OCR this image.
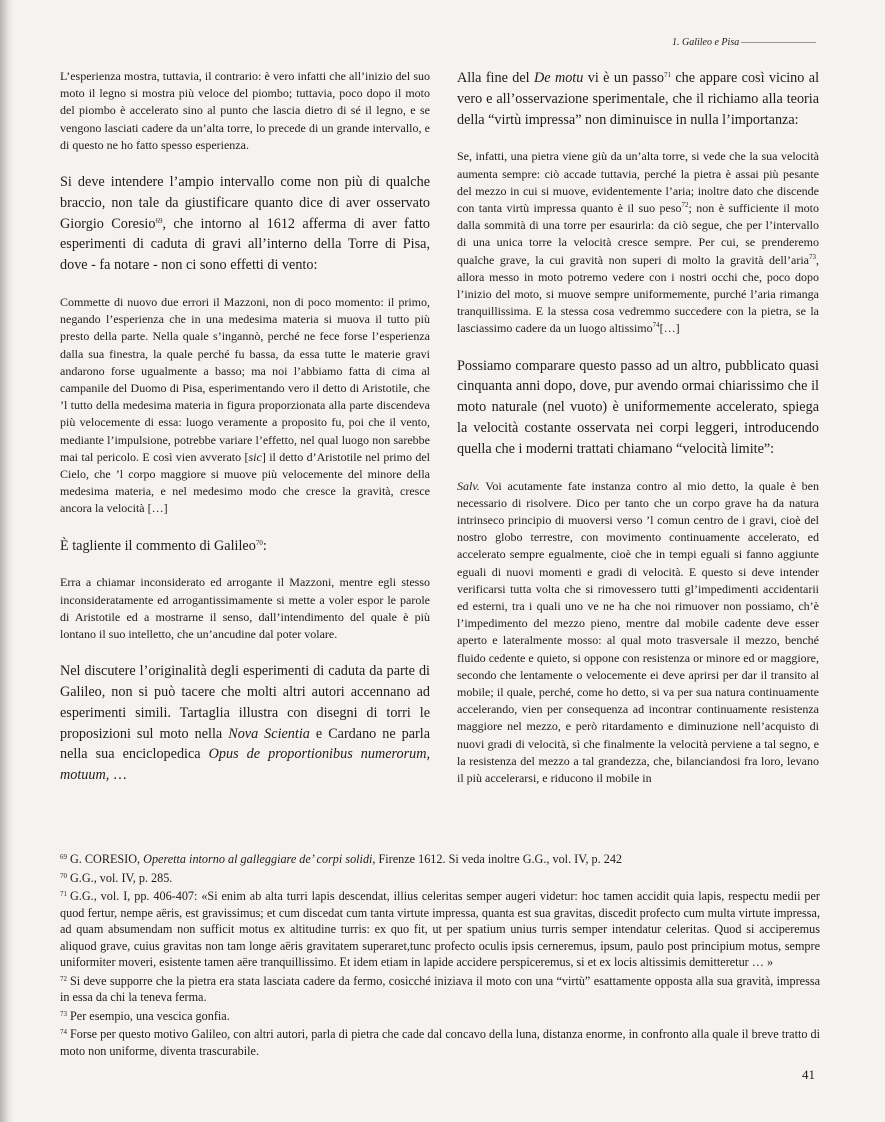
1. Galileo e Pisa

L’esperienza mostra, tuttavia, il contrario: è vero infatti che all’inizio del suo moto il legno si mostra più veloce del piombo; tuttavia, poco dopo il moto del piombo è accelerato sino al punto che lascia dietro di sé il legno, e se vengono lasciati cadere da un’alta torre, lo precede di un grande intervallo, e di questo ne ho fatto spesso esperienza.

Si deve intendere l’ampio intervallo come non più di qualche braccio, non tale da giustificare quanto dice di aver osservato Giorgio Coresio$^{69}$, che intorno al 1612 afferma di aver fatto esperimenti di caduta di gravi all’interno della Torre di Pisa, dove - fa notare - non ci sono effetti di vento:

Commette di nuovo due errori il Mazzoni, non di poco momento: il primo, negando l’esperienza che in una medesima materia si muova il tutto più presto della parte. Nella quale s’ingannò, perché ne fece forse l’esperienza dalla sua finestra, la quale perché fu bassa, da essa tutte le materie gravi andarono forse ugualmente a basso; ma noi l’abbiamo fatta di cima al campanile del Duomo di Pisa, esperimentando vero il detto di Aristotile, che ’l tutto della medesima materia in figura proporzionata alla parte discendeva più velocemente di essa: luogo veramente a proposito fu, poi che il vento, mediante l’impulsione, potrebbe variare l’effetto, nel qual luogo non sarebbe mai tal pericolo. E così vien avverato [sic] il detto d’Aristotile nel primo del Cielo, che ’l corpo maggiore si muove più velocemente del minore della medesima materia, e nel medesimo modo che cresce la gravità, cresce ancora la velocità […]

È tagliente il commento di Galileo$^{70}$:

Erra a chiamar inconsiderato ed arrogante il Mazzoni, mentre egli stesso inconsideratamente ed arrogantissimamente si mette a voler espor le parole di Aristotile ed a mostrarne il senso, dall’intendimento del quale è più lontano il suo intelletto, che un’ancudine dal poter volare.

Nel discutere l’originalità degli esperimenti di caduta da parte di Galileo, non si può tacere che molti altri autori accennano ad esperimenti simili. Tartaglia illustra con disegni di torri le proposizioni sul moto nella Nova Scientia e Cardano ne parla nella sua enciclopedica Opus de proportionibus numerorum, motuum, …

Alla fine del De motu vi è un passo$^{71}$ che appare così vicino al vero e all’osservazione sperimentale, che il richiamo alla teoria della “virtù impressa” non diminuisce in nulla l’importanza:

Se, infatti, una pietra viene giù da un’alta torre, si vede che la sua velocità aumenta sempre: ciò accade tuttavia, perché la pietra è assai più pesante del mezzo in cui si muove, evidentemente l’aria; inoltre dato che discende con tanta virtù impressa quanto è il suo peso$^{72}$; non è sufficiente il moto dalla sommità di una torre per esaurirla: da ciò segue, che per l’intervallo di una unica torre la velocità cresce sempre. Per cui, se prenderemo qualche grave, la cui gravità non superi di molto la gravità dell’aria$^{73}$, allora messo in moto potremo vedere con i nostri occhi che, poco dopo l’inizio del moto, si muove sempre uniformemente, purché l’aria rimanga tranquillissima. E la stessa cosa vedremmo succedere con la pietra, se la lasciassimo cadere da un luogo altissimo$^{74}$[…]

Possiamo comparare questo passo ad un altro, pubblicato quasi cinquanta anni dopo, dove, pur avendo ormai chiarissimo che il moto naturale (nel vuoto) è uniformemente accelerato, spiega la velocità costante osservata nei corpi leggeri, introducendo quella che i moderni trattati chiamano “velocità limite”:

Salv. Voi acutamente fate instanza contro al mio detto, la quale è ben necessario di risolvere. Dico per tanto che un corpo grave ha da natura intrinseco principio di muoversi verso ’l comun centro de i gravi, cioè del nostro globo terrestre, con movimento continuamente accelerato, ed accelerato sempre egualmente, cioè che in tempi eguali si fanno aggiunte eguali di nuovi momenti e gradi di velocità. E questo si deve intender verificarsi tutta volta che si rimovessero tutti gl’impedimenti accidentarii ed esterni, tra i quali uno ve ne ha che noi rimuover non possiamo, ch’è l’impedimento del mezzo pieno, mentre dal mobile cadente deve esser aperto e lateralmente mosso: al qual moto trasversale il mezzo, benché fluido cedente e quieto, si oppone con resistenza or minore ed or maggiore, secondo che lentamente o velocemente ei deve aprirsi per dar il transito al mobile; il quale, perché, come ho detto, si va per sua natura continuamente accelerando, vien per consequenza ad incontrar continuamente resistenza maggiore nel mezzo, e però ritardamento e diminuzione nell’acquisto di nuovi gradi di velocità, sì che finalmente la velocità perviene a tal segno, e la resistenza del mezzo a tal grandezza, che, bilanciandosi fra loro, levano il più accelerarsi, e riducono il mobile in

$^{69}$ G. CORESIO, Operetta intorno al galleggiare de’ corpi solidi, Firenze 1612. Si veda inoltre G.G., vol. IV, p. 242

$^{70}$ G.G., vol. IV, p. 285.

$^{71}$ G.G., vol. I, pp. 406-407: «Si enim ab alta turri lapis descendat, illius celeritas semper augeri videtur: hoc tamen accidit quia lapis, respectu medii per quod fertur, nempe aëris, est gravissimus; et cum discedat cum tanta virtute impressa, quanta est sua gravitas, discedit profecto cum multa virtute impressa, ad quam absumendam non sufficit motus ex altitudine turris: ex quo fit, ut per spatium unius turris semper intendatur celeritas. Quod si acciperemus aliquod grave, cuius gravitas non tam longe aëris gravitatem superaret,tunc profecto oculis ipsis cerneremus, ipsum, paulo post principium motus, sempre uniformiter moveri, esistente tamen aëre tranquillissimo. Et idem etiam in lapide accidere perspiceremus, si et ex locis altissimis demitteretur … »

$^{72}$ Si deve supporre che la pietra era stata lasciata cadere da fermo, cosicché iniziava il moto con una “virtù” esattamente opposta alla sua gravità, impressa in essa da chi la teneva ferma.

$^{73}$ Per esempio, una vescica gonfia.

$^{74}$ Forse per questo motivo Galileo, con altri autori, parla di pietra che cade dal concavo della luna, distanza enorme, in confronto alla quale il breve tratto di moto non uniforme, diventa trascurabile.

41
